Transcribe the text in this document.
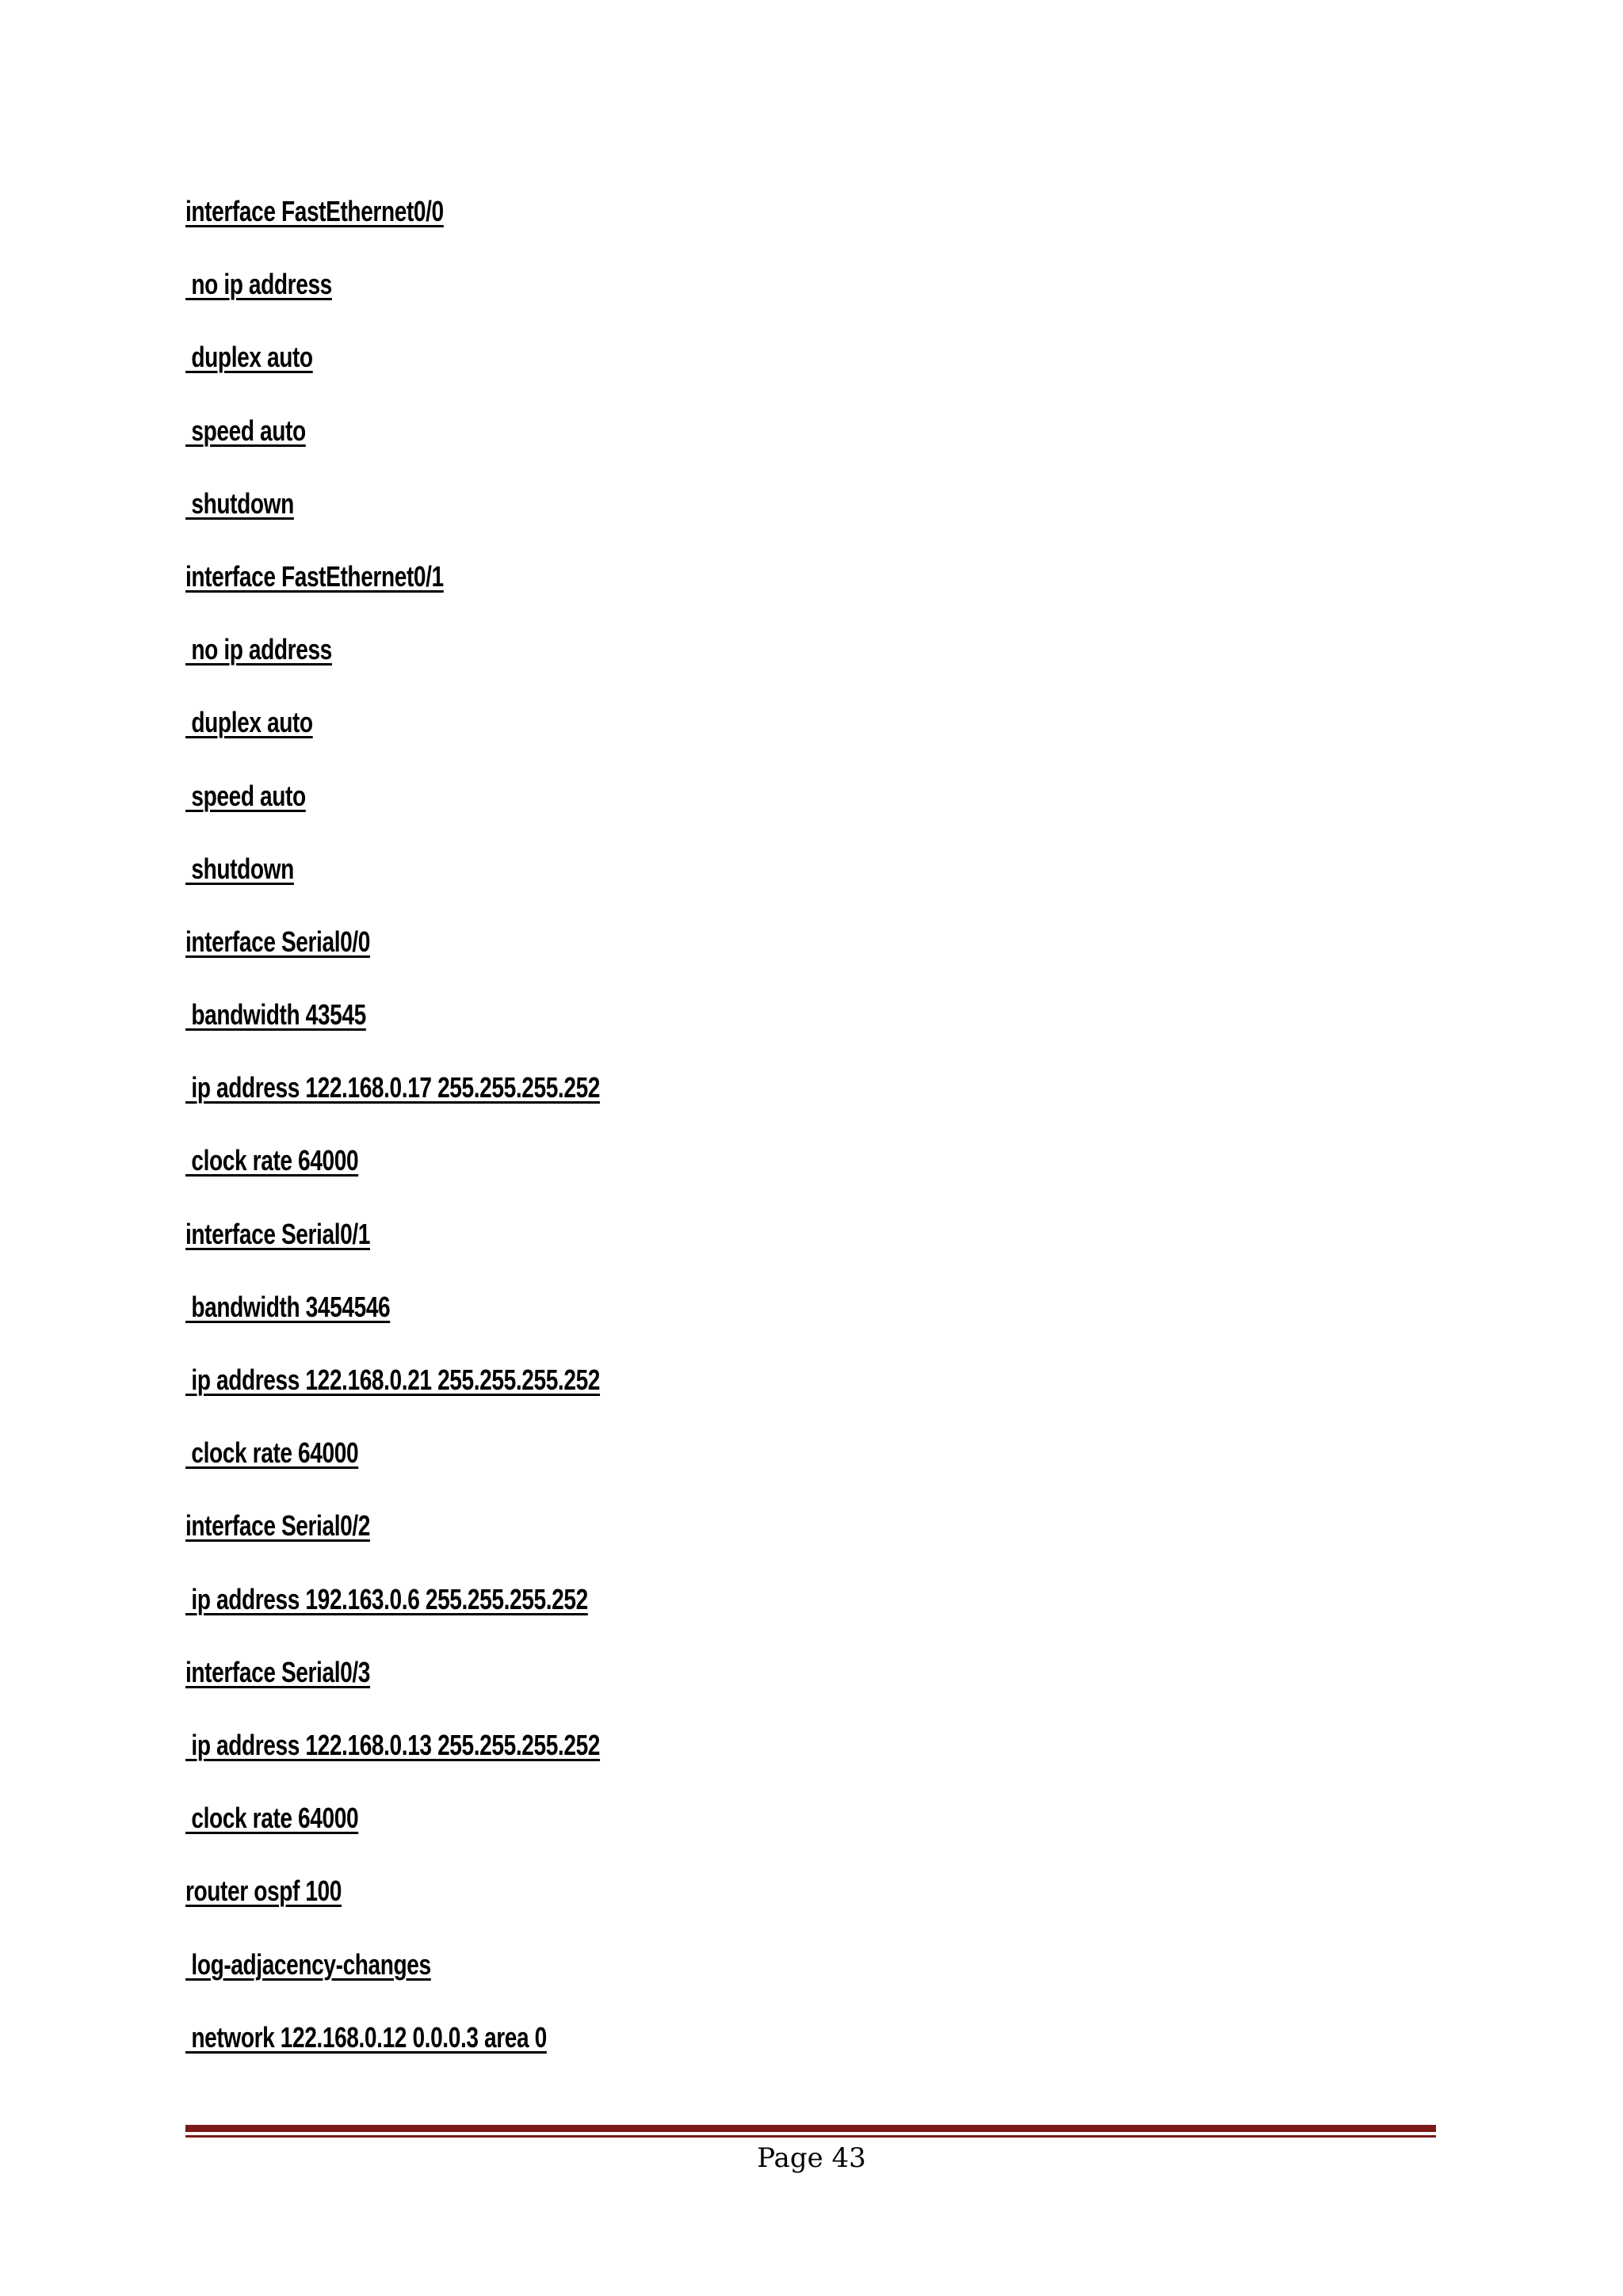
interface FastEthernet0/0
no ip address
duplex auto
speed auto
shutdown
interface FastEthernet0/1
no ip address
duplex auto
speed auto
shutdown
interface Serial0/0
bandwidth 43545
ip address 122.168.0.17 255.255.255.252
clock rate 64000
interface Serial0/1
bandwidth 3454546
ip address 122.168.0.21 255.255.255.252
clock rate 64000
interface Serial0/2
ip address 192.163.0.6 255.255.255.252
interface Serial0/3
ip address 122.168.0.13 255.255.255.252
clock rate 64000
router ospf 100
log-adjacency-changes
network 122.168.0.12 0.0.0.3 area 0
Page 43
